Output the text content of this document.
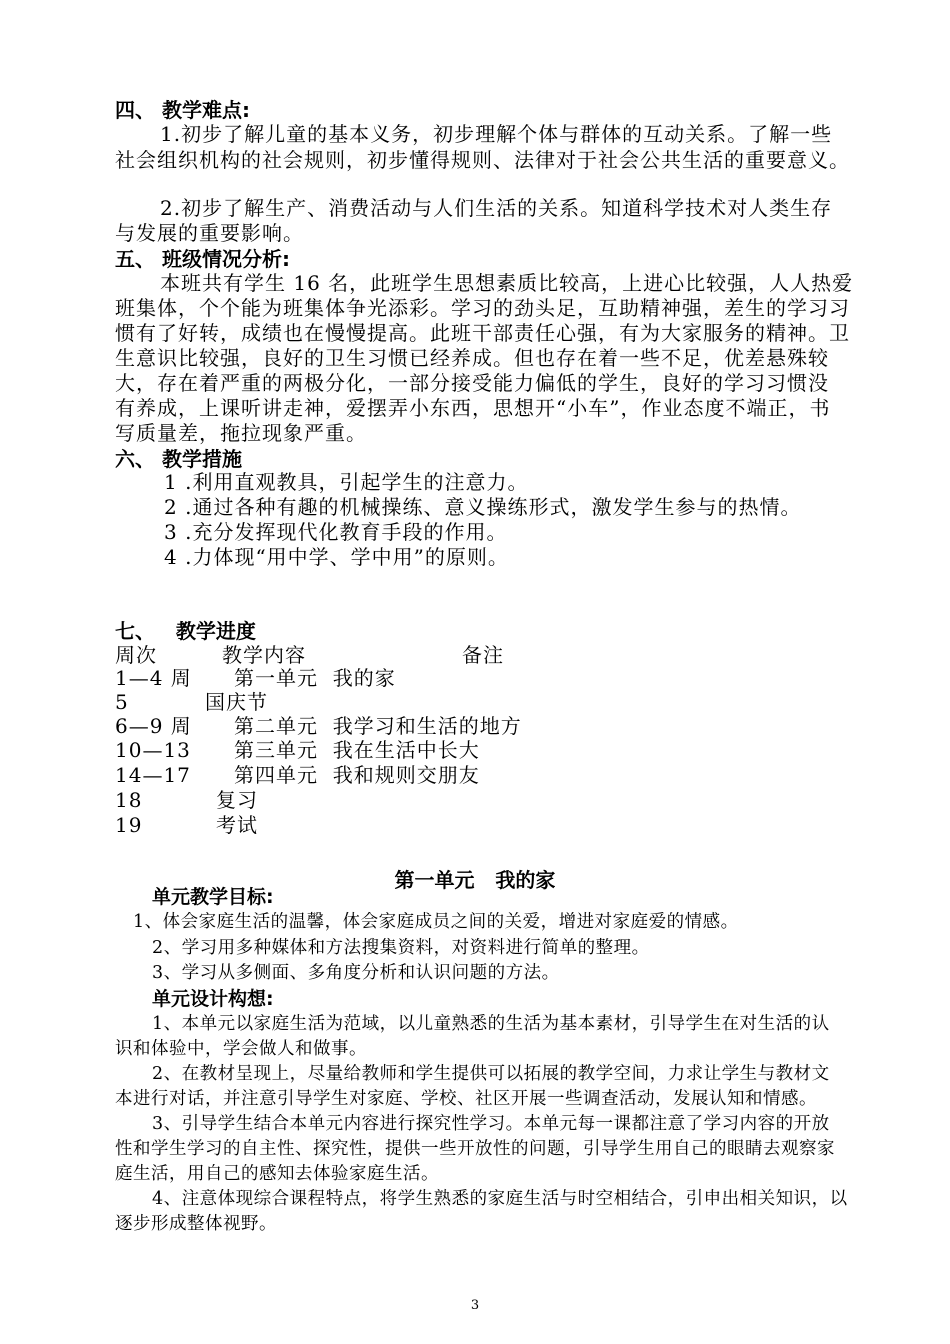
四、 教学难点:
1.初步了解儿童的基本义务，初步理解个体与群体的互动关系。了解一些
社会组织机构的社会规则，初步懂得规则、法律对于社会公共生活的重要意义。
2.初步了解生产、消费活动与人们生活的关系。知道科学技术对人类生存
与发展的重要影响。
五、 班级情况分析:
本班共有学生 16 名，此班学生思想素质比较高，上进心比较强，人人热爱
班集体，个个能为班集体争光添彩。学习的劲头足，互助精神强，差生的学习习
惯有了好转，成绩也在慢慢提高。此班干部责任心强，有为大家服务的精神。卫
生意识比较强，良好的卫生习惯已经养成。但也存在着一些不足，优差悬殊较
大，存在着严重的两极分化，一部分接受能力偏低的学生，良好的学习习惯没
有养成，上课听讲走神，爱摆弄小东西，思想开“小车”，作业态度不端正，书
写质量差，拖拉现象严重。
六、 教学措施
1 .利用直观教具，引起学生的注意力。
2 .通过各种有趣的机械操练、意义操练形式，激发学生参与的热情。
3 .充分发挥现代化教育手段的作用。
4 .力体现“用中学、学中用”的原则。
七、   教学进度
周次	教学内容	备注
1—4 周 第一单元  我的家
5	国庆节
6—9 周 第二单元  我学习和生活的地方
10—13 第三单元  我在生活中长大
14—17 第四单元  我和规则交朋友
18	复习
19	考试
第一单元   我的家
单元教学目标:
1、体会家庭生活的温馨，体会家庭成员之间的关爱，增进对家庭爱的情感。
2、学习用多种媒体和方法搜集资料，对资料进行简单的整理。
3、学习从多侧面、多角度分析和认识问题的方法。
单元设计构想:
1、本单元以家庭生活为范域，以儿童熟悉的生活为基本素材，引导学生在对生活的认
识和体验中，学会做人和做事。
2、在教材呈现上，尽量给教师和学生提供可以拓展的教学空间，力求让学生与教材文
本进行对话，并注意引导学生对家庭、学校、社区开展一些调查活动，发展认知和情感。
3、引导学生结合本单元内容进行探究性学习。本单元每一课都注意了学习内容的开放
性和学生学习的自主性、探究性，提供一些开放性的问题，引导学生用自己的眼睛去观察家
庭生活，用自己的感知去体验家庭生活。
4、注意体现综合课程特点，将学生熟悉的家庭生活与时空相结合，引申出相关知识，以
逐步形成整体视野。
3
